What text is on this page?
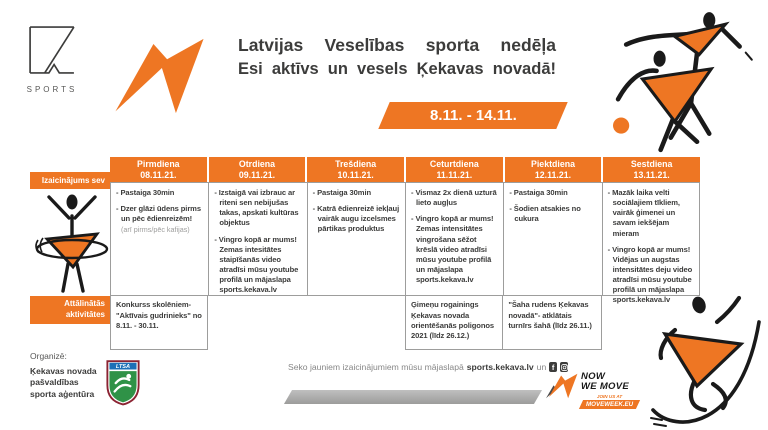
SPORTS
Latvijas Veselības sporta nedēļa
Esi aktīvs un vesels Ķekavas novadā!
8.11. - 14.11.
Izaicinājums sev
Attālinātās aktivitātes
Pirmdiena
08.11.21.
Otrdiena
09.11.21.
Trešdiena
10.11.21.
Ceturtdiena
11.11.21.
Piektdiena
12.11.21.
Sestdiena
13.11.21.

- Pastaiga 30min

- Dzer glāzi ūdens pirms un pēc ēdienreizēm!

(arī pirms/pēc kafijas)

- Izstaigā vai izbrauc ar riteni sen nebijušas takas, apskati kultūras objektus

- Vingro kopā ar mums! Zemas intesitātes staipīšanās video atradīsi mūsu youtube profilā un mājaslapa sports.kekava.lv

- Pastaiga 30min

- Katrā ēdienreizē iekļauj vairāk augu izcelsmes pārtikas produktus

- Vismaz 2x dienā uzturā lieto augļus

- Vingro kopā ar mums! Zemas intensitātes vingrošana sēžot krēslā video atradīsi mūsu youtube profilā un mājaslapa sports.kekava.lv

- Pastaiga 30min

- Šodien atsakies no cukura

- Mazāk laika velti sociālajiem tīkliem, vairāk ģimenei un savam iekšējam mieram

- Vingro kopā ar mums! Vidējas un augstas intensitātes deju video atradīsi mūsu youtube profilā un mājaslapa sports.kekava.lv

Konkurss skolēniem- "Aktīvais gudrinieks" no 8.11. - 30.11.

Ģimeņu rogainings Ķekavas novada orientēšanās poligonos 2021 (līdz 26.12.)

"Šaha rudens Ķekavas novadā"- atklātais turnīrs šahā (līdz 26.11.)

Organizē:
Ķekavas novada pašvaldības sporta aģentūra
LTSA	Seko jauniem izaicinājumiem mūsu mājaslapā sports.kekava.lv un f
NOW
WE MOVE
JOIN US AT
MOVEWEEK.EU
